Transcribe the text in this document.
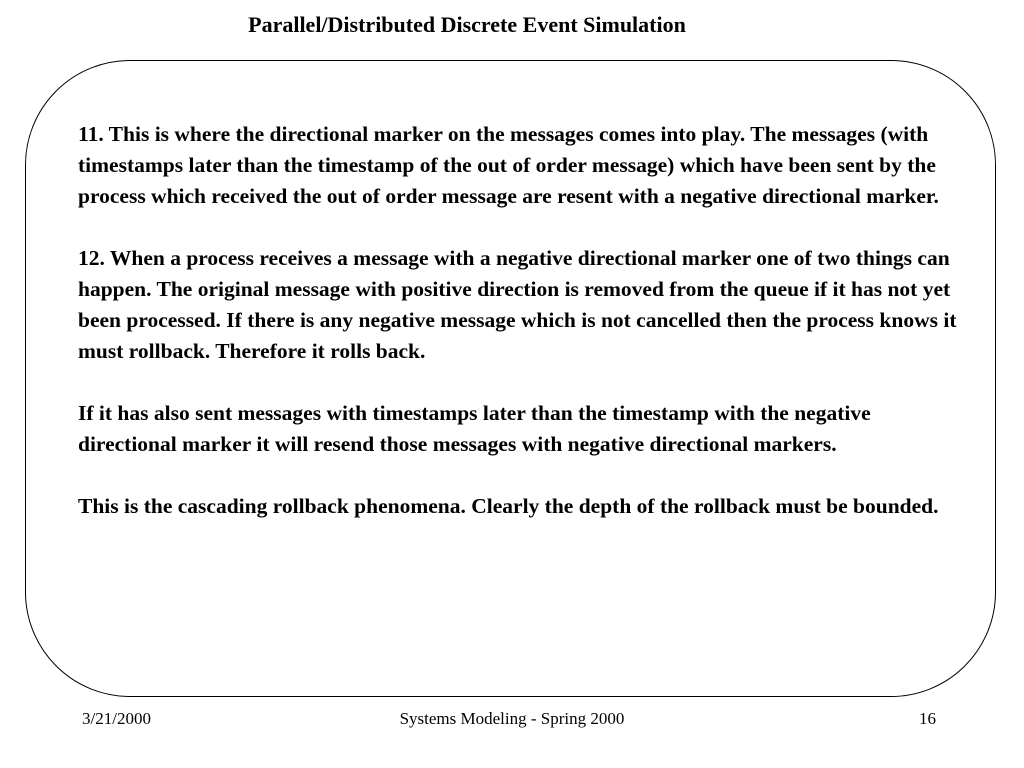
Parallel/Distributed Discrete Event Simulation

11. This is where the directional marker on the messages comes into play. The messages (with timestamps later than the timestamp of the out of order message) which have been sent by the process which received the out of order message are resent with a negative directional marker.

12. When a process receives a message with a negative directional marker one of two things can happen. The original message with positive direction is removed from the queue if it has not yet been processed. If there is any negative message which is not cancelled then the process knows it must rollback. Therefore it rolls back.

If it has also sent messages with timestamps later than the timestamp with the negative directional marker it will resend those messages with negative directional markers.

This is the cascading rollback phenomena. Clearly the depth of the rollback must be bounded.

3/21/2000	Systems Modeling - Spring 2000	16
